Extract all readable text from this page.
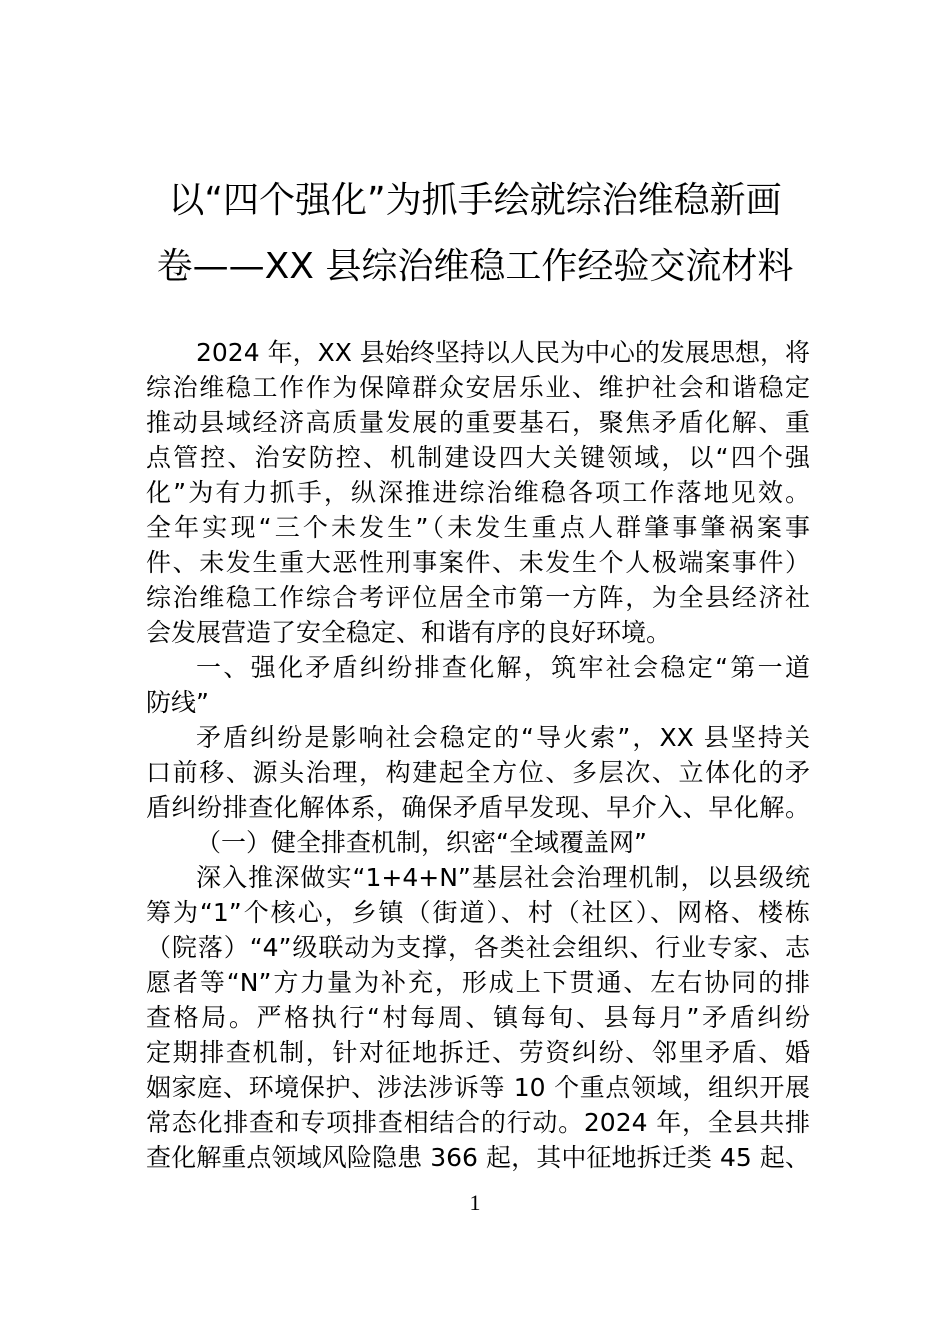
以“四个强化”为抓手绘就综治维稳新画
卷——XX 县综治维稳工作经验交流材料
2024 年，XX 县始终坚持以人民为中心的发展思想，将
综治维稳工作作为保障群众安居乐业、维护社会和谐稳定
推动县域经济高质量发展的重要基石，聚焦矛盾化解、重
点管控、治安防控、机制建设四大关键领域，以“四个强
化”为有力抓手，纵深推进综治维稳各项工作落地见效。
全年实现“三个未发生”（未发生重点人群肇事肇祸案事
件、未发生重大恶性刑事案件、未发生个人极端案事件）
综治维稳工作综合考评位居全市第一方阵，为全县经济社
会发展营造了安全稳定、和谐有序的良好环境。
一、强化矛盾纠纷排查化解，筑牢社会稳定“第一道
防线”
矛盾纠纷是影响社会稳定的“导火索”，XX 县坚持关
口前移、源头治理，构建起全方位、多层次、立体化的矛
盾纠纷排查化解体系，确保矛盾早发现、早介入、早化解。
（一）健全排查机制，织密“全域覆盖网”
深入推深做实“1+4+N”基层社会治理机制，以县级统
筹为“1”个核心，乡镇（街道）、村（社区）、网格、楼栋
（院落）“4”级联动为支撑，各类社会组织、行业专家、志
愿者等“N”方力量为补充，形成上下贯通、左右协同的排
查格局。严格执行“村每周、镇每旬、县每月”矛盾纠纷
定期排查机制，针对征地拆迁、劳资纠纷、邻里矛盾、婚
姻家庭、环境保护、涉法涉诉等 10 个重点领域，组织开展
常态化排查和专项排查相结合的行动。2024 年，全县共排
查化解重点领域风险隐患 366 起，其中征地拆迁类 45 起、
1
